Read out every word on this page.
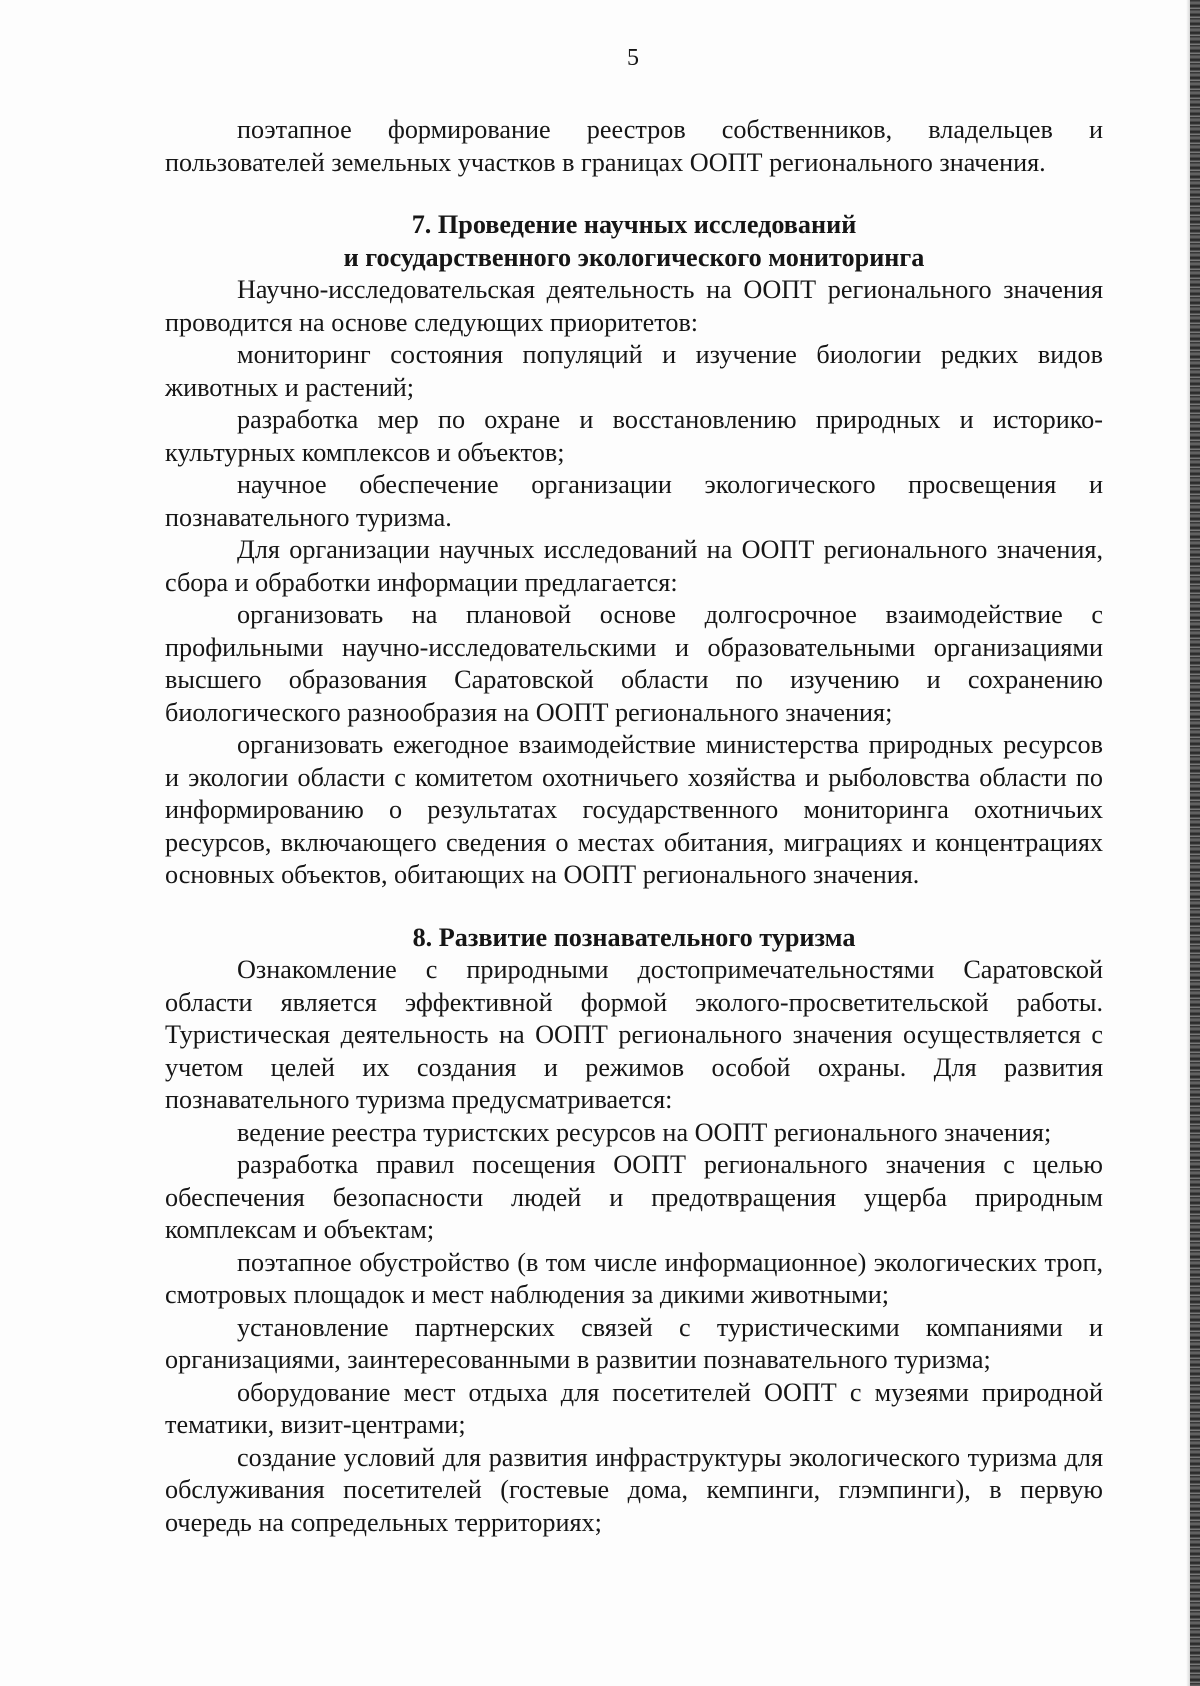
5

поэтапное формирование реестров собственников, владельцев и пользователей земельных участков в границах ООПТ регионального значения.

7. Проведение научных исследований
и государственного экологического мониторинга

Научно-исследовательская деятельность на ООПТ регионального значения проводится на основе следующих приоритетов:

мониторинг состояния популяций и изучение биологии редких видов животных и растений;

разработка мер по охране и восстановлению природных и историко-культурных комплексов и объектов;

научное обеспечение организации экологического просвещения и познавательного туризма.

Для организации научных исследований на ООПТ регионального значения, сбора и обработки информации предлагается:

организовать на плановой основе долгосрочное взаимодействие с профильными научно-исследовательскими и образовательными организациями высшего образования Саратовской области по изучению и сохранению биологического разнообразия на ООПТ регионального значения;

организовать ежегодное взаимодействие министерства природных ресурсов и экологии области с комитетом охотничьего хозяйства и рыболовства области по информированию о результатах государственного мониторинга охотничьих ресурсов, включающего сведения о местах обитания, миграциях и концентрациях основных объектов, обитающих на ООПТ регионального значения.

8. Развитие познавательного туризма

Ознакомление с природными достопримечательностями Саратовской области является эффективной формой эколого-просветительской работы. Туристическая деятельность на ООПТ регионального значения осуществляется с учетом целей их создания и режимов особой охраны. Для развития познавательного туризма предусматривается:

ведение реестра туристских ресурсов на ООПТ регионального значения;

разработка правил посещения ООПТ регионального значения с целью обеспечения безопасности людей и предотвращения ущерба природным комплексам и объектам;

поэтапное обустройство (в том числе информационное) экологических троп, смотровых площадок и мест наблюдения за дикими животными;

установление партнерских связей с туристическими компаниями и организациями, заинтересованными в развитии познавательного туризма;

оборудование мест отдыха для посетителей ООПТ с музеями природной тематики, визит-центрами;

создание условий для развития инфраструктуры экологического туризма для обслуживания посетителей (гостевые дома, кемпинги, глэмпинги), в первую очередь на сопредельных территориях;
